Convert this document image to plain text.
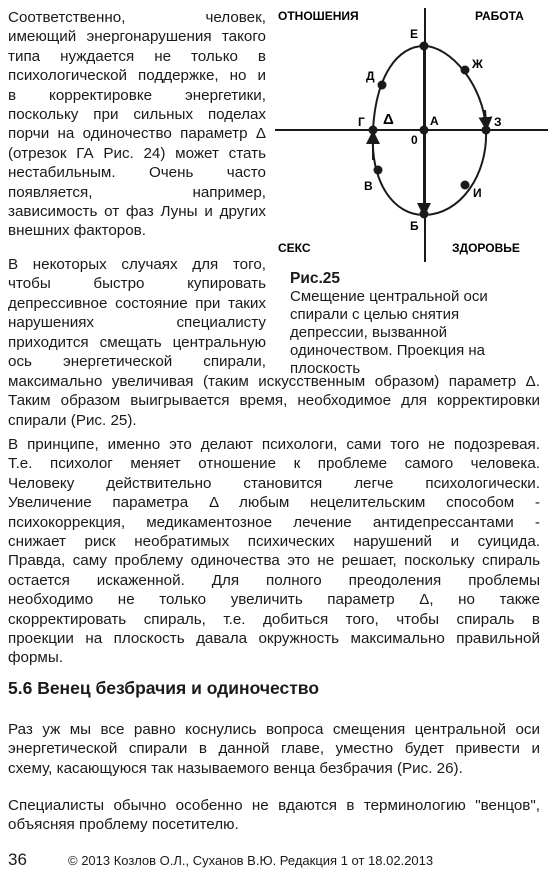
Соответственно, человек,
имеющий энергонарушения такого
типа нуждается не только в
психологической поддержке, но и
в корректировке энергетики,
поскольку при сильных поделах
порчи на одиночество параметр Δ
(отрезок ГА Рис. 24) может стать
нестабильным. Очень часто
появляется, например,
зависимость от фаз Луны и других
внешних факторов.
В некоторых случаях для того,
чтобы быстро купировать
депрессивное состояние при таких
нарушениях специалисту
приходится смещать центральную
ось энергетической спирали,
ОТНОШЕНИЯ	РАБОТА
СЕКС	ЗДОРОВЬЕ
Е
Ж
Д
Г Δ	А
0
З
В	И
Б
Рис.25
Смещение центральной оси
спирали с целью снятия
депрессии, вызванной
одиночеством. Проекция на
плоскость
максимально увеличивая (таким искусственным образом) параметр Δ.
Таким образом выигрывается время, необходимое для корректировки
спирали (Рис. 25).
В принципе, именно это делают психологи, сами того не подозревая.
Т.е. психолог меняет отношение к проблеме самого человека.
Человеку действительно становится легче психологически.
Увеличение параметра Δ любым нецелительским способом -
психокоррекция, медикаментозное лечение антидепрессантами -
снижает риск необратимых психических нарушений и суицида.
Правда, саму проблему одиночества это не решает, поскольку спираль
остается искаженной. Для полного преодоления проблемы
необходимо не только увеличить параметр Δ, но также
скорректировать спираль, т.е. добиться того, чтобы спираль в
проекции на плоскость давала окружность максимально правильной
формы.
5.6 Венец безбрачия и одиночество
Раз уж мы все равно коснулись вопроса смещения центральной оси
энергетической спирали в данной главе, уместно будет привести и
схему, касающуюся так называемого венца безбрачия (Рис. 26).
Специалисты обычно особенно не вдаются в терминологию "венцов",
объясняя проблему посетителю.
36	© 2013 Козлов О.Л., Суханов В.Ю. Редакция 1 от 18.02.2013
